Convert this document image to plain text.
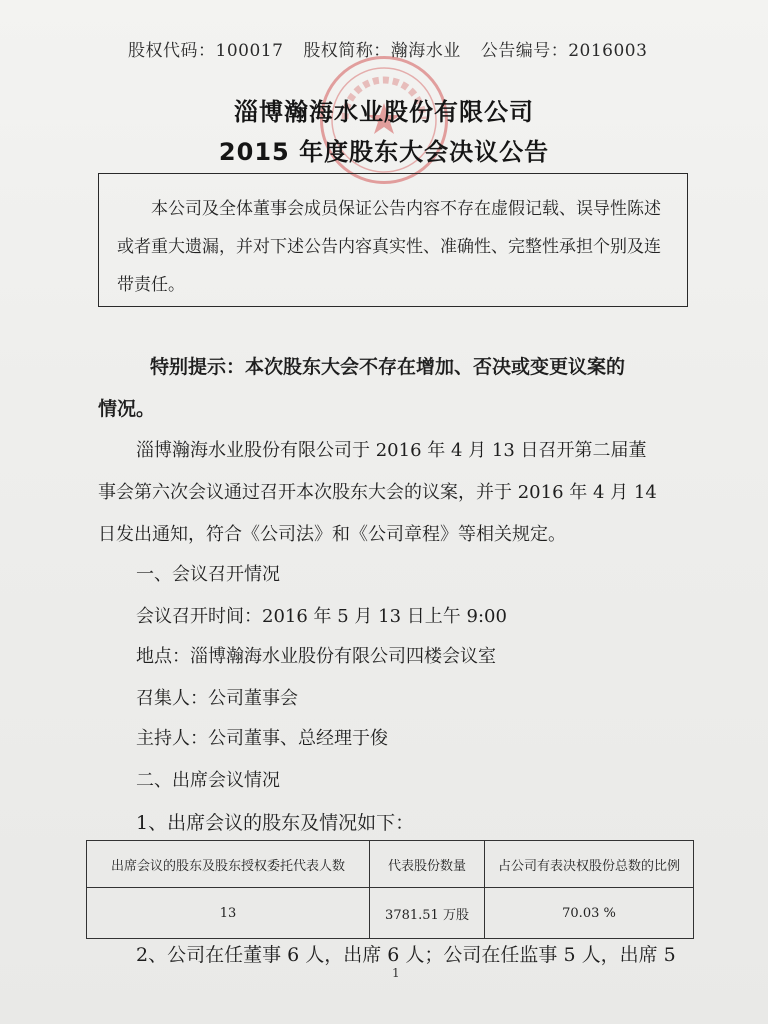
股权代码：100017 股权简称：瀚海水业 公告编号：2016003
淄博瀚海水业股份有限公司
2015 年度股东大会决议公告
本公司及全体董事会成员保证公告内容不存在虚假记载、误导性陈述
或者重大遗漏，并对下述公告内容真实性、准确性、完整性承担个别及连
带责任。
特别提示：本次股东大会不存在增加、否决或变更议案的
情况。
淄博瀚海水业股份有限公司于 2016 年 4 月 13 日召开第二届董
事会第六次会议通过召开本次股东大会的议案，并于 2016 年 4 月 14
日发出通知，符合《公司法》和《公司章程》等相关规定。
一、会议召开情况
会议召开时间：2016 年 5 月 13 日上午 9:00
地点：淄博瀚海水业股份有限公司四楼会议室
召集人：公司董事会
主持人：公司董事、总经理于俊
二、出席会议情况
1、出席会议的股东及情况如下：
出席会议的股东及股东授权委托代表人数	代表股份数量	占公司有表决权股份总数的比例
13	3781.51 万股	70.03 %
2、公司在任董事 6 人，出席 6 人；公司在任监事 5 人，出席 5
1
